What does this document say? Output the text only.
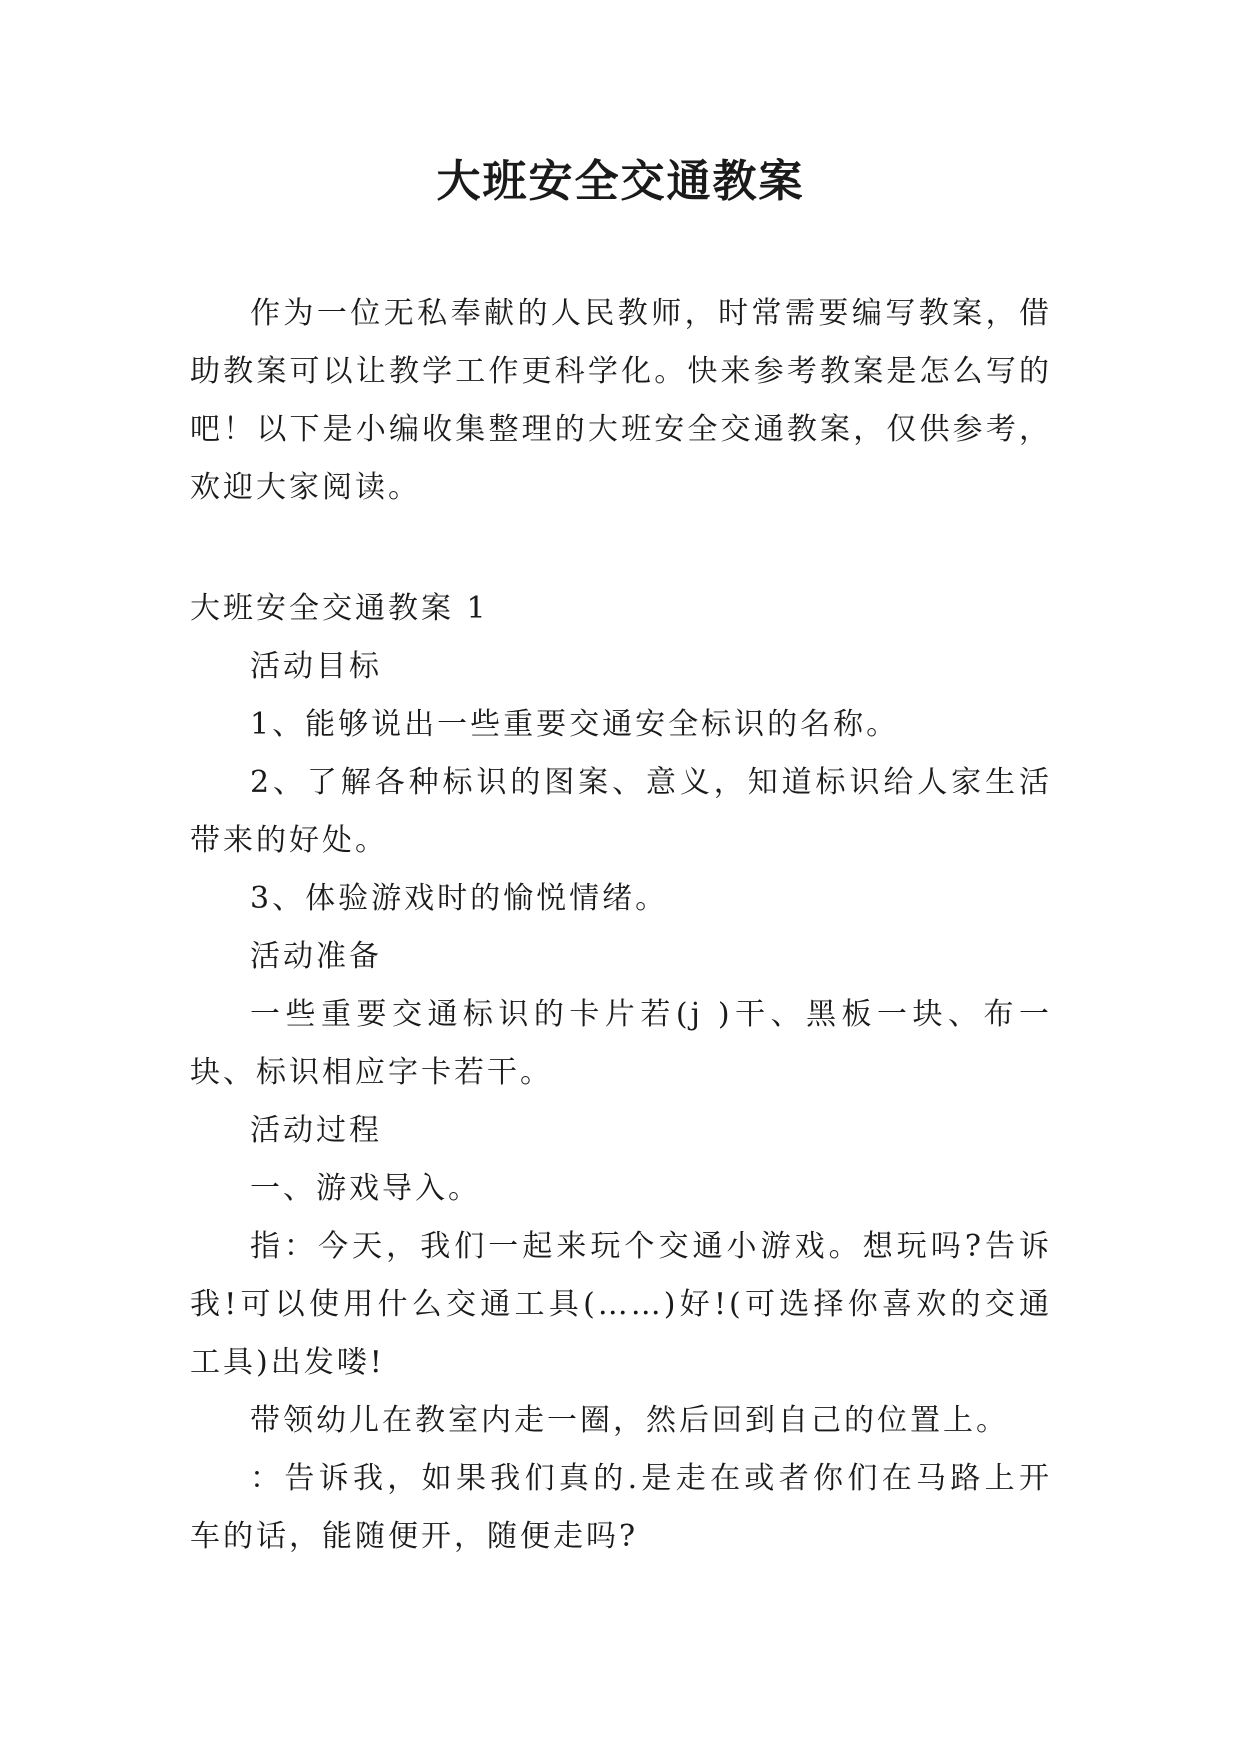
大班安全交通教案

作为一位无私奉献的人民教师，时常需要编写教案，借助教案可以让教学工作更科学化。快来参考教案是怎么写的吧！以下是小编收集整理的大班安全交通教案，仅供参考，欢迎大家阅读。

大班安全交通教案 1

活动目标

1、能够说出一些重要交通安全标识的名称。

2、了解各种标识的图案、意义，知道标识给人家生活带来的好处。

3、体验游戏时的愉悦情绪。

活动准备

一些重要交通标识的卡片若(j )干、黑板一块、布一块、标识相应字卡若干。

活动过程

一、游戏导入。

指：今天，我们一起来玩个交通小游戏。想玩吗?告诉我!可以使用什么交通工具(……)好!(可选择你喜欢的交通工具)出发喽!

带领幼儿在教室内走一圈，然后回到自己的位置上。

：告诉我，如果我们真的.是走在或者你们在马路上开车的话，能随便开，随便走吗?
